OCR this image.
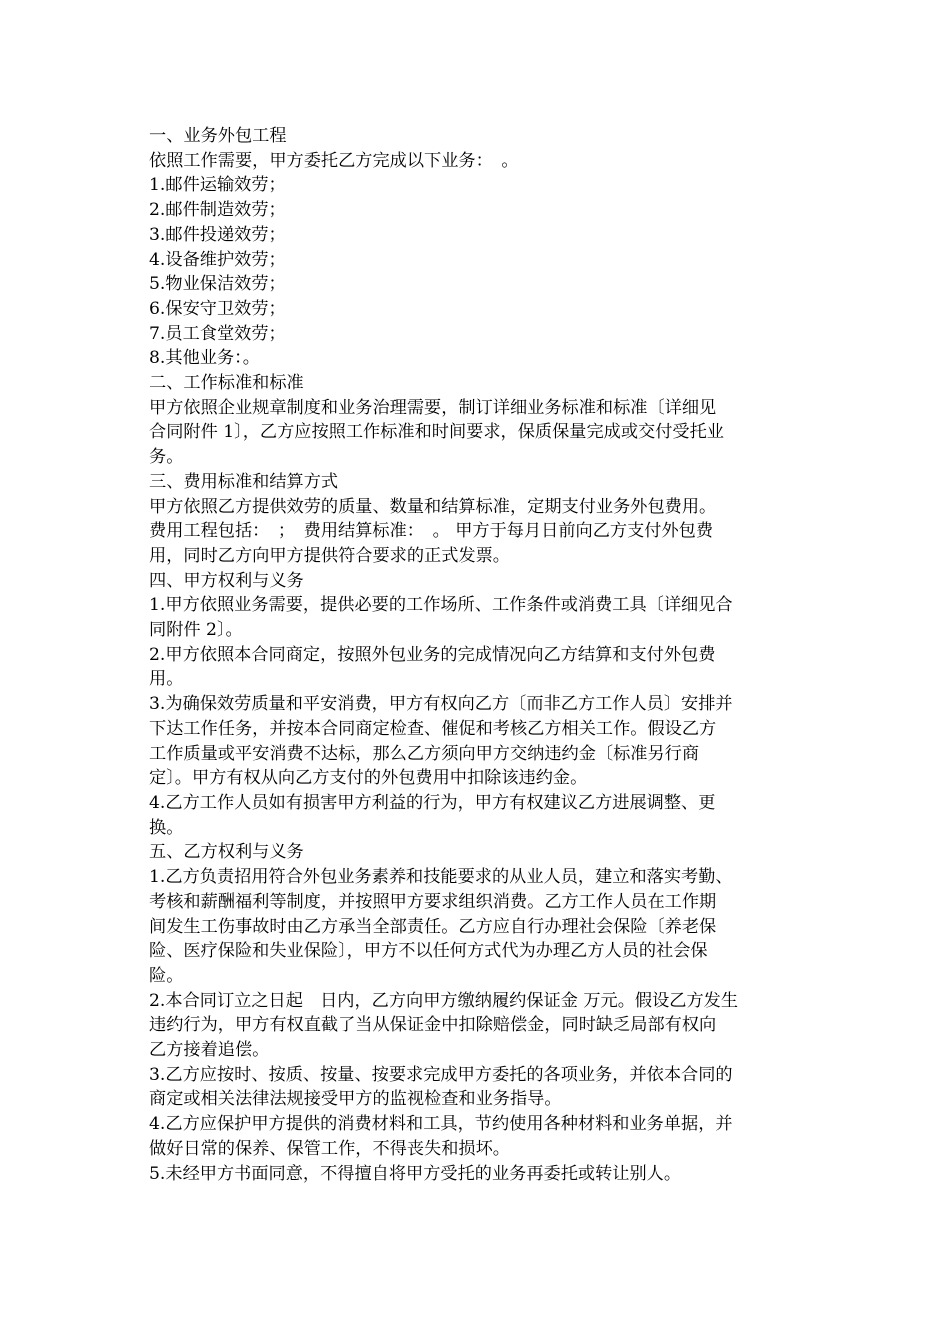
一、业务外包工程
依照工作需要，甲方委托乙方完成以下业务：　。
1.邮件运输效劳；
2.邮件制造效劳；
3.邮件投递效劳；
4.设备维护效劳；
5.物业保洁效劳；
6.保安守卫效劳；
7.员工食堂效劳；
8.其他业务：。
二、工作标准和标准
甲方依照企业规章制度和业务治理需要，制订详细业务标准和标准〔详细见
合同附件 1〕，乙方应按照工作标准和时间要求，保质保量完成或交付受托业
务。
三、费用标准和结算方式
甲方依照乙方提供效劳的质量、数量和结算标准，定期支付业务外包费用。
费用工程包括：　；　费用结算标准：　。 甲方于每月日前向乙方支付外包费
用，同时乙方向甲方提供符合要求的正式发票。
四、甲方权利与义务
1.甲方依照业务需要，提供必要的工作场所、工作条件或消费工具〔详细见合
同附件 2〕。
2.甲方依照本合同商定，按照外包业务的完成情况向乙方结算和支付外包费
用。
3.为确保效劳质量和平安消费，甲方有权向乙方〔而非乙方工作人员〕安排并
下达工作任务，并按本合同商定检查、催促和考核乙方相关工作。假设乙方
工作质量或平安消费不达标，那么乙方须向甲方交纳违约金〔标准另行商
定〕。甲方有权从向乙方支付的外包费用中扣除该违约金。
4.乙方工作人员如有损害甲方利益的行为，甲方有权建议乙方进展调整、更
换。
五、乙方权利与义务
1.乙方负责招用符合外包业务素养和技能要求的从业人员，建立和落实考勤、
考核和薪酬福利等制度，并按照甲方要求组织消费。乙方工作人员在工作期
间发生工伤事故时由乙方承当全部责任。乙方应自行办理社会保险〔养老保
险、医疗保险和失业保险〕，甲方不以任何方式代为办理乙方人员的社会保
险。
2.本合同订立之日起　日内，乙方向甲方缴纳履约保证金 万元。假设乙方发生
违约行为，甲方有权直截了当从保证金中扣除赔偿金，同时缺乏局部有权向
乙方接着追偿。
3.乙方应按时、按质、按量、按要求完成甲方委托的各项业务，并依本合同的
商定或相关法律法规接受甲方的监视检查和业务指导。
4.乙方应保护甲方提供的消费材料和工具，节约使用各种材料和业务单据，并
做好日常的保养、保管工作，不得丧失和损坏。
5.未经甲方书面同意，不得擅自将甲方受托的业务再委托或转让别人。
